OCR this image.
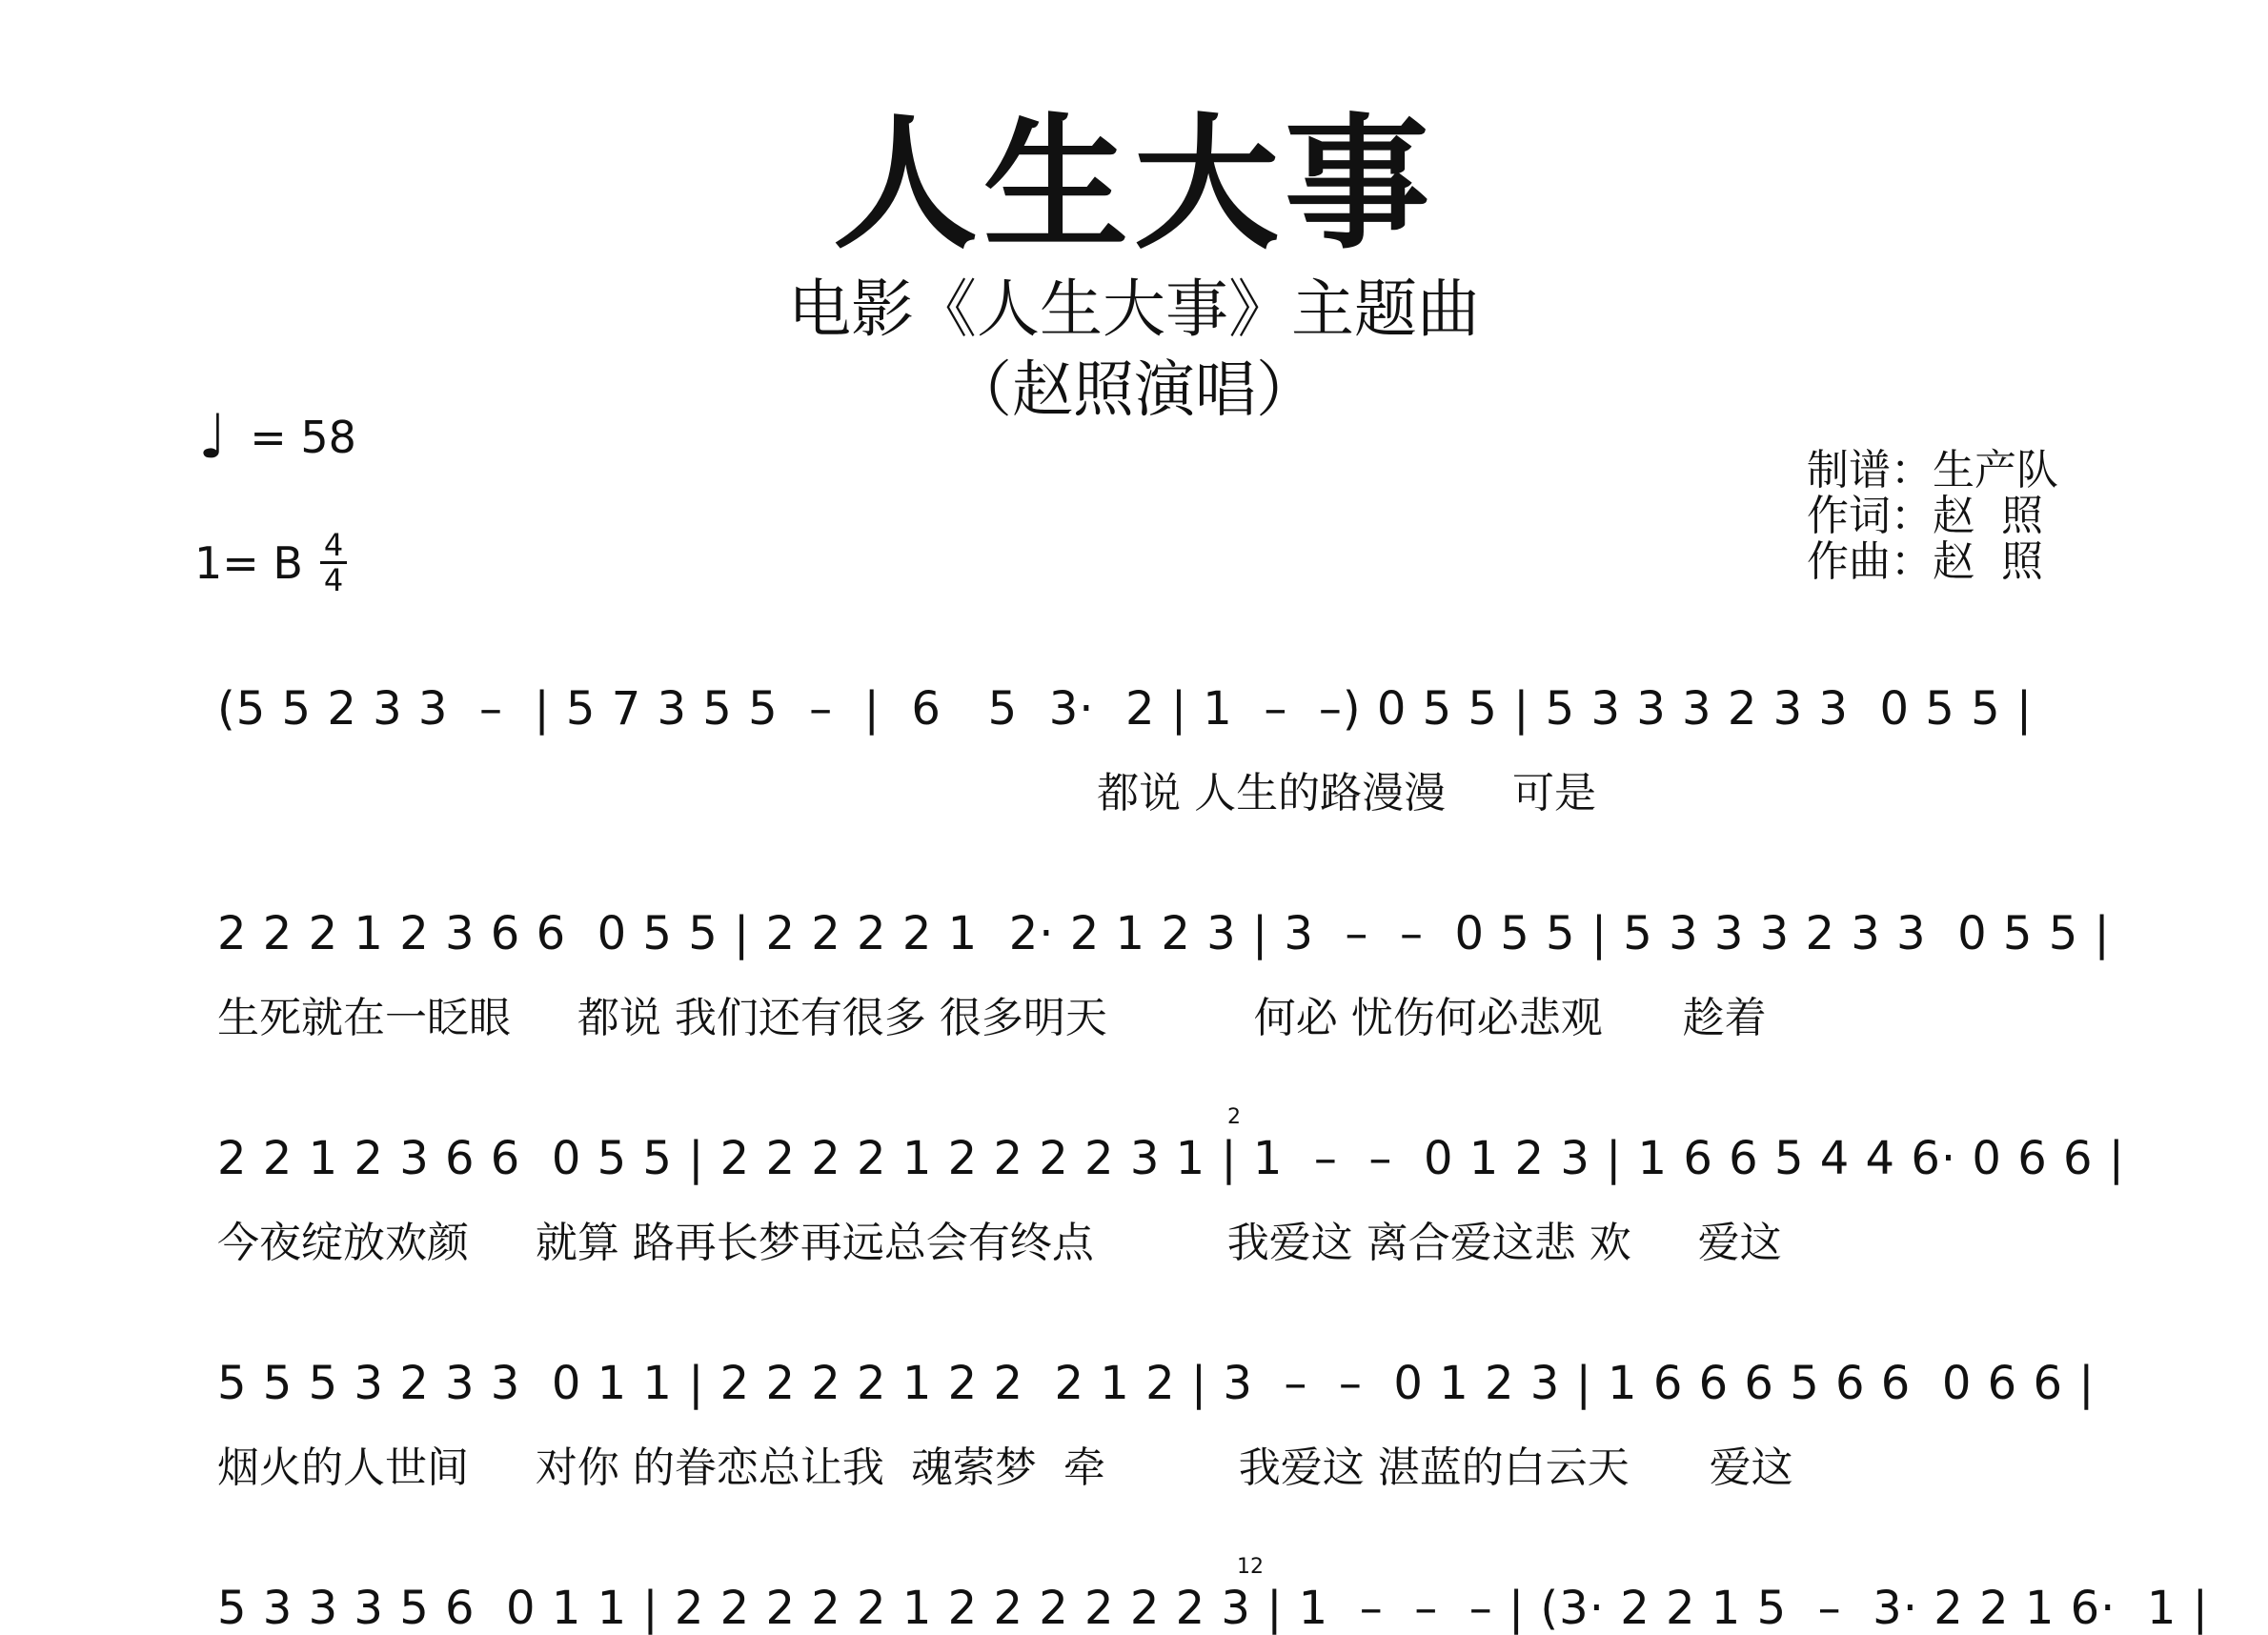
人生大事
电影《人生大事》主题曲
（赵照演唱）
♩ = 58
1= B 4
4
制谱： 生产队
作词： 赵  照
作曲： 赵  照
(5 5 2 3 3  –  | 5 7 3 5 5  –  |  6   5  3·  2 | 1  –  –) 0 5 5 | 5 3 3 3 2 3 3  0 5 5 |
都说 人生的路漫漫     可是
2 2 2 1 2 3 6 6  0 5 5 | 2 2 2 2 1  2· 2 1 2 3 | 3  –  –  0 5 5 | 5 3 3 3 2 3 3  0 5 5 |
生死就在一眨眼     都说 我们还有很多 很多明天           何必 忧伤何必悲观      趁着
2
2 2 1 2 3 6 6  0 5 5 | 2 2 2 2 1 2 2 2 2 3 1 | 1  –  –  0 1 2 3 | 1 6 6 5 4 4 6· 0 6 6 |
今夜绽放欢颜     就算 路再长梦再远总会有终点          我爱这 离合爱这悲 欢     爱这
5 5 5 3 2 3 3  0 1 1 | 2 2 2 2 1 2 2  2 1 2 | 3  –  –  0 1 2 3 | 1 6 6 6 5 6 6  0 6 6 |
烟火的人世间     对你 的眷恋总让我  魂萦梦  牵          我爱这 湛蓝的白云天      爱这
12
5 3 3 3 5 6  0 1 1 | 2 2 2 2 2 1 2 2 2 2 2 2 3 | 1  –  –  – | (3· 2 2 1 5  –  3· 2 2 1 6·  1 |
